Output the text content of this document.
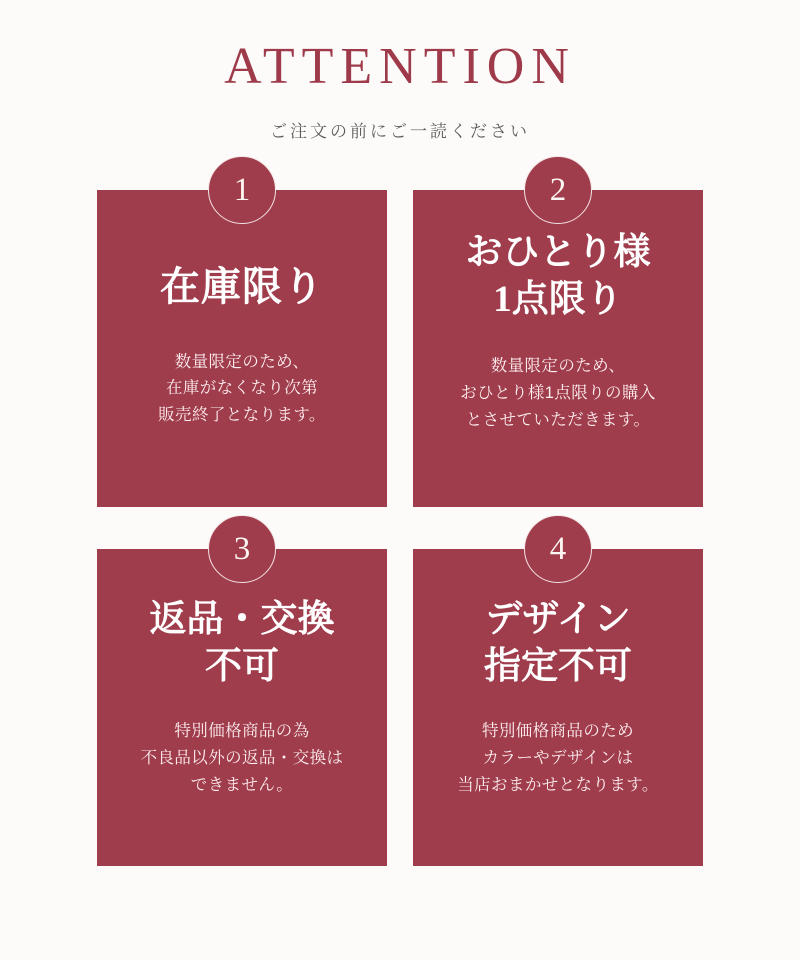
ATTENTION
ご注文の前にご一読ください
1
在庫限り
数量限定のため、
在庫がなくなり次第
販売終了となります。
2
おひとり様
1点限り
数量限定のため、
おひとり様1点限りの購入
とさせていただきます。
3
返品・交換
不可
特別価格商品の為
不良品以外の返品・交換は
できません。
4
デザイン
指定不可
特別価格商品のため
カラーやデザインは
当店おまかせとなります。
